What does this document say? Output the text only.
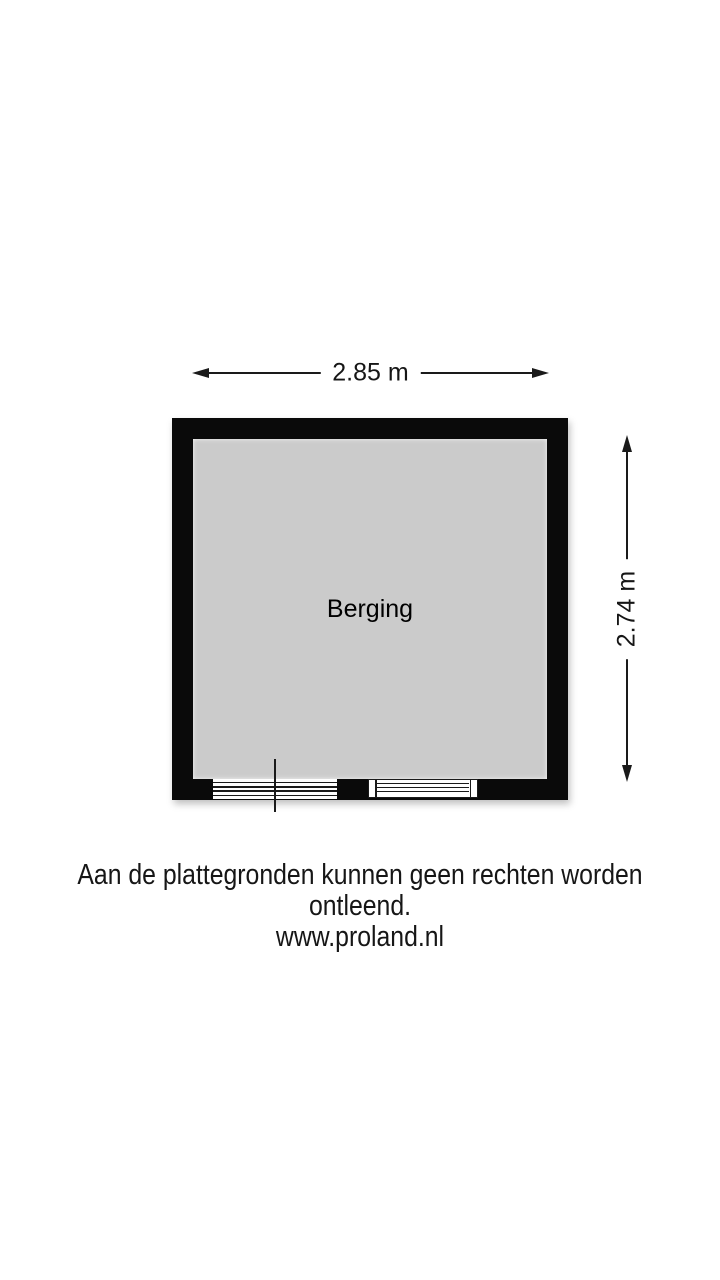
2.85 m
2.74 m
Berging
Aan de plattegronden kunnen geen rechten worden ontleend.
www.proland.nl
